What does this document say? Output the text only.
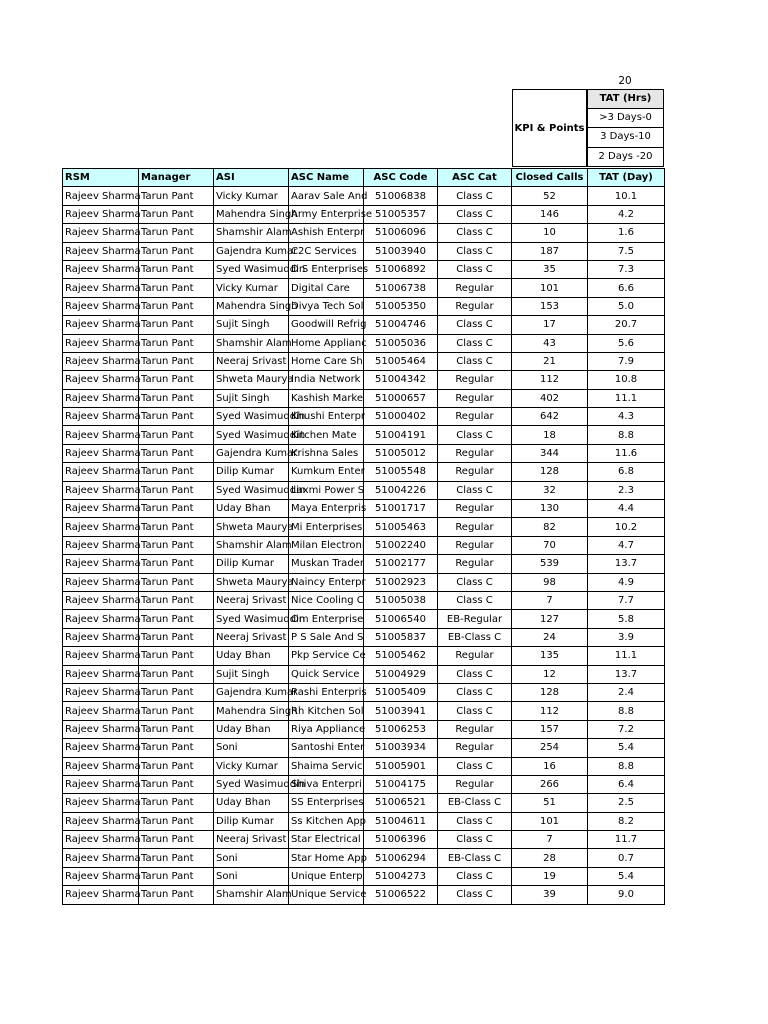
20
KPI & Points
TAT (Hrs)
>3 Days-0
3 Days-10
2 Days -20
RSM	Manager	ASI	ASC Name	ASC Code	ASC Cat	Closed Calls	TAT (Day)
Rajeev Sharma	Tarun Pant	Vicky Kumar	Aarav Sale And	51006838	Class C	52	10.1
Rajeev Sharma	Tarun Pant	Mahendra Singh	Army Enterprise	51005357	Class C	146	4.2
Rajeev Sharma	Tarun Pant	Shamshir Alam	Ashish Enterpr	51006096	Class C	10	1.6
Rajeev Sharma	Tarun Pant	Gajendra Kumar	C2C Services	51003940	Class C	187	7.5
Rajeev Sharma	Tarun Pant	Syed Wasimuddin	D S Enterprises	51006892	Class C	35	7.3
Rajeev Sharma	Tarun Pant	Vicky Kumar	Digital Care	51006738	Regular	101	6.6
Rajeev Sharma	Tarun Pant	Mahendra Singh	Divya Tech Sol	51005350	Regular	153	5.0
Rajeev Sharma	Tarun Pant	Sujit Singh	Goodwill Refrig	51004746	Class C	17	20.7
Rajeev Sharma	Tarun Pant	Shamshir Alam	Home Applianc	51005036	Class C	43	5.6
Rajeev Sharma	Tarun Pant	Neeraj Srivast	Home Care Sh	51005464	Class C	21	7.9
Rajeev Sharma	Tarun Pant	Shweta Maurya	India Network	51004342	Regular	112	10.8
Rajeev Sharma	Tarun Pant	Sujit Singh	Kashish Marke	51000657	Regular	402	11.1
Rajeev Sharma	Tarun Pant	Syed Wasimuddin	Khushi Enterpr	51000402	Regular	642	4.3
Rajeev Sharma	Tarun Pant	Syed Wasimuddin	Kitchen Mate	51004191	Class C	18	8.8
Rajeev Sharma	Tarun Pant	Gajendra Kumar	Krishna Sales	51005012	Regular	344	11.6
Rajeev Sharma	Tarun Pant	Dilip Kumar	Kumkum Enter	51005548	Regular	128	6.8
Rajeev Sharma	Tarun Pant	Syed Wasimuddin	Laxmi Power S	51004226	Class C	32	2.3
Rajeev Sharma	Tarun Pant	Uday Bhan	Maya Enterpris	51001717	Regular	130	4.4
Rajeev Sharma	Tarun Pant	Shweta Maurya	Mi Enterprises	51005463	Regular	82	10.2
Rajeev Sharma	Tarun Pant	Shamshir Alam	Milan Electroni	51002240	Regular	70	4.7
Rajeev Sharma	Tarun Pant	Dilip Kumar	Muskan Trader	51002177	Regular	539	13.7
Rajeev Sharma	Tarun Pant	Shweta Maurya	Naincy Enterpr	51002923	Class C	98	4.9
Rajeev Sharma	Tarun Pant	Neeraj Srivast	Nice Cooling C	51005038	Class C	7	7.7
Rajeev Sharma	Tarun Pant	Syed Wasimuddin	Om Enterprise	51006540	EB-Regular	127	5.8
Rajeev Sharma	Tarun Pant	Neeraj Srivast	P S Sale And S	51005837	EB-Class C	24	3.9
Rajeev Sharma	Tarun Pant	Uday Bhan	Pkp Service Ce	51005462	Regular	135	11.1
Rajeev Sharma	Tarun Pant	Sujit Singh	Quick Service	51004929	Class C	12	13.7
Rajeev Sharma	Tarun Pant	Gajendra Kumar	Rashi Enterpris	51005409	Class C	128	2.4
Rajeev Sharma	Tarun Pant	Mahendra Singh	Rh Kitchen Sol	51003941	Class C	112	8.8
Rajeev Sharma	Tarun Pant	Uday Bhan	Riya Appliance	51006253	Regular	157	7.2
Rajeev Sharma	Tarun Pant	Soni	Santoshi Enter	51003934	Regular	254	5.4
Rajeev Sharma	Tarun Pant	Vicky Kumar	Shaima Servic	51005901	Class C	16	8.8
Rajeev Sharma	Tarun Pant	Syed Wasimuddin	Shiva Enterpri	51004175	Regular	266	6.4
Rajeev Sharma	Tarun Pant	Uday Bhan	SS Enterprises	51006521	EB-Class C	51	2.5
Rajeev Sharma	Tarun Pant	Dilip Kumar	Ss Kitchen App	51004611	Class C	101	8.2
Rajeev Sharma	Tarun Pant	Neeraj Srivast	Star Electrical	51006396	Class C	7	11.7
Rajeev Sharma	Tarun Pant	Soni	Star Home App	51006294	EB-Class C	28	0.7
Rajeev Sharma	Tarun Pant	Soni	Unique Enterp	51004273	Class C	19	5.4
Rajeev Sharma	Tarun Pant	Shamshir Alam	Unique Service	51006522	Class C	39	9.0
